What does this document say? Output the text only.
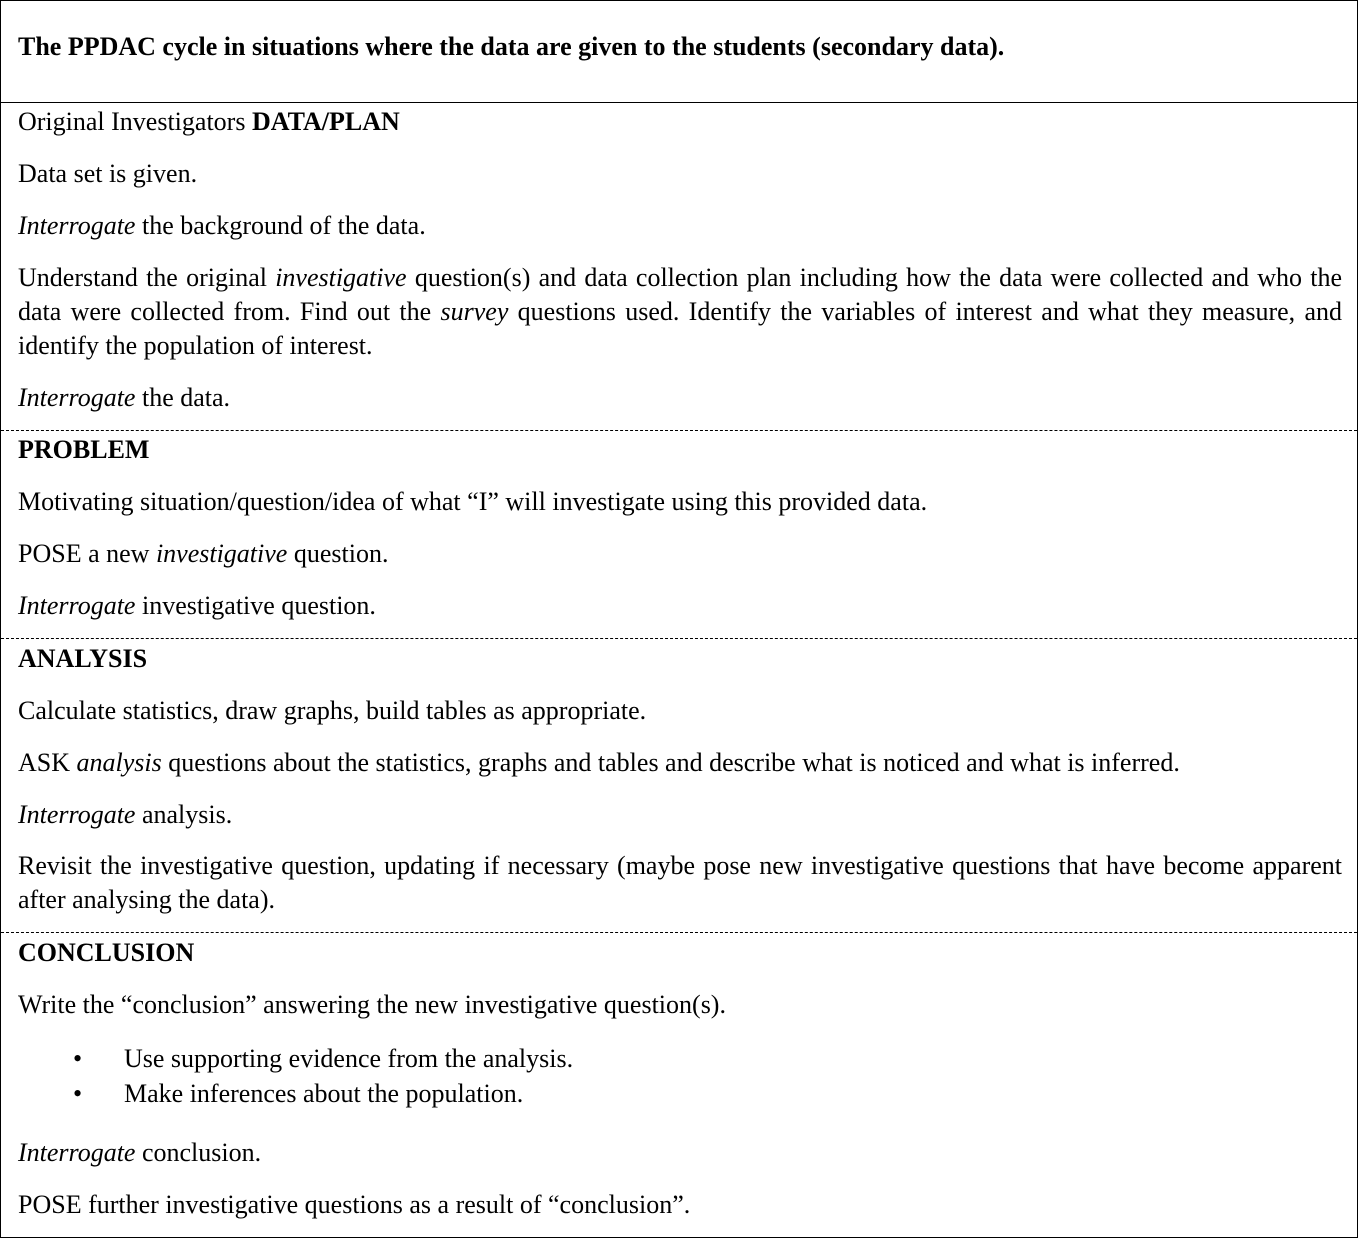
The PPDAC cycle in situations where the data are given to the students (secondary data).
Original Investigators DATA/PLAN
Data set is given.
Interrogate the background of the data.
Understand the original investigative question(s) and data collection plan including how the data were collected and who the data were collected from. Find out the survey questions used. Identify the variables of interest and what they measure, and identify the population of interest.
Interrogate the data.
PROBLEM
Motivating situation/question/idea of what “I” will investigate using this provided data.
POSE a new investigative question.
Interrogate investigative question.
ANALYSIS
Calculate statistics, draw graphs, build tables as appropriate.
ASK analysis questions about the statistics, graphs and tables and describe what is noticed and what is inferred.
Interrogate analysis.
Revisit the investigative question, updating if necessary (maybe pose new investigative questions that have become apparent after analysing the data).
CONCLUSION
Write the “conclusion” answering the new investigative question(s).
• Use supporting evidence from the analysis.
• Make inferences about the population.
Interrogate conclusion.
POSE further investigative questions as a result of “conclusion”.
